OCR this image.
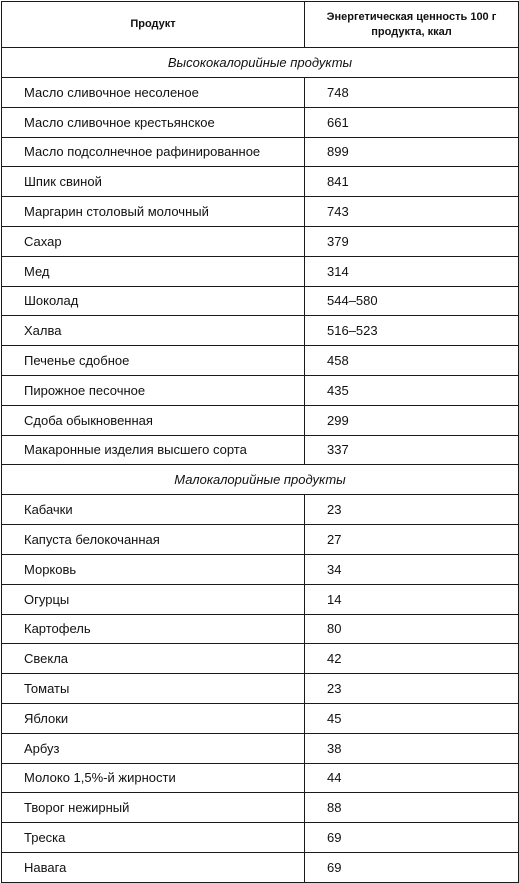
Продукт	Энергетическая ценность 100 г продукта, ккал
Высококалорийные продукты	
Масло сливочное несоленое	748
Масло сливочное крестьянское	661
Масло подсолнечное рафинированное	899
Шпик свиной	841
Маргарин столовый молочный	743
Сахар	379
Мед	314
Шоколад	544–580
Халва	516–523
Печенье сдобное	458
Пирожное песочное	435
Сдоба обыкновенная	299
Макаронные изделия высшего сорта	337
Малокалорийные продукты	
Кабачки	23
Капуста белокочанная	27
Морковь	34
Огурцы	14
Картофель	80
Свекла	42
Томаты	23
Яблоки	45
Арбуз	38
Молоко 1,5%-й жирности	44
Творог нежирный	88
Треска	69
Навага	69
